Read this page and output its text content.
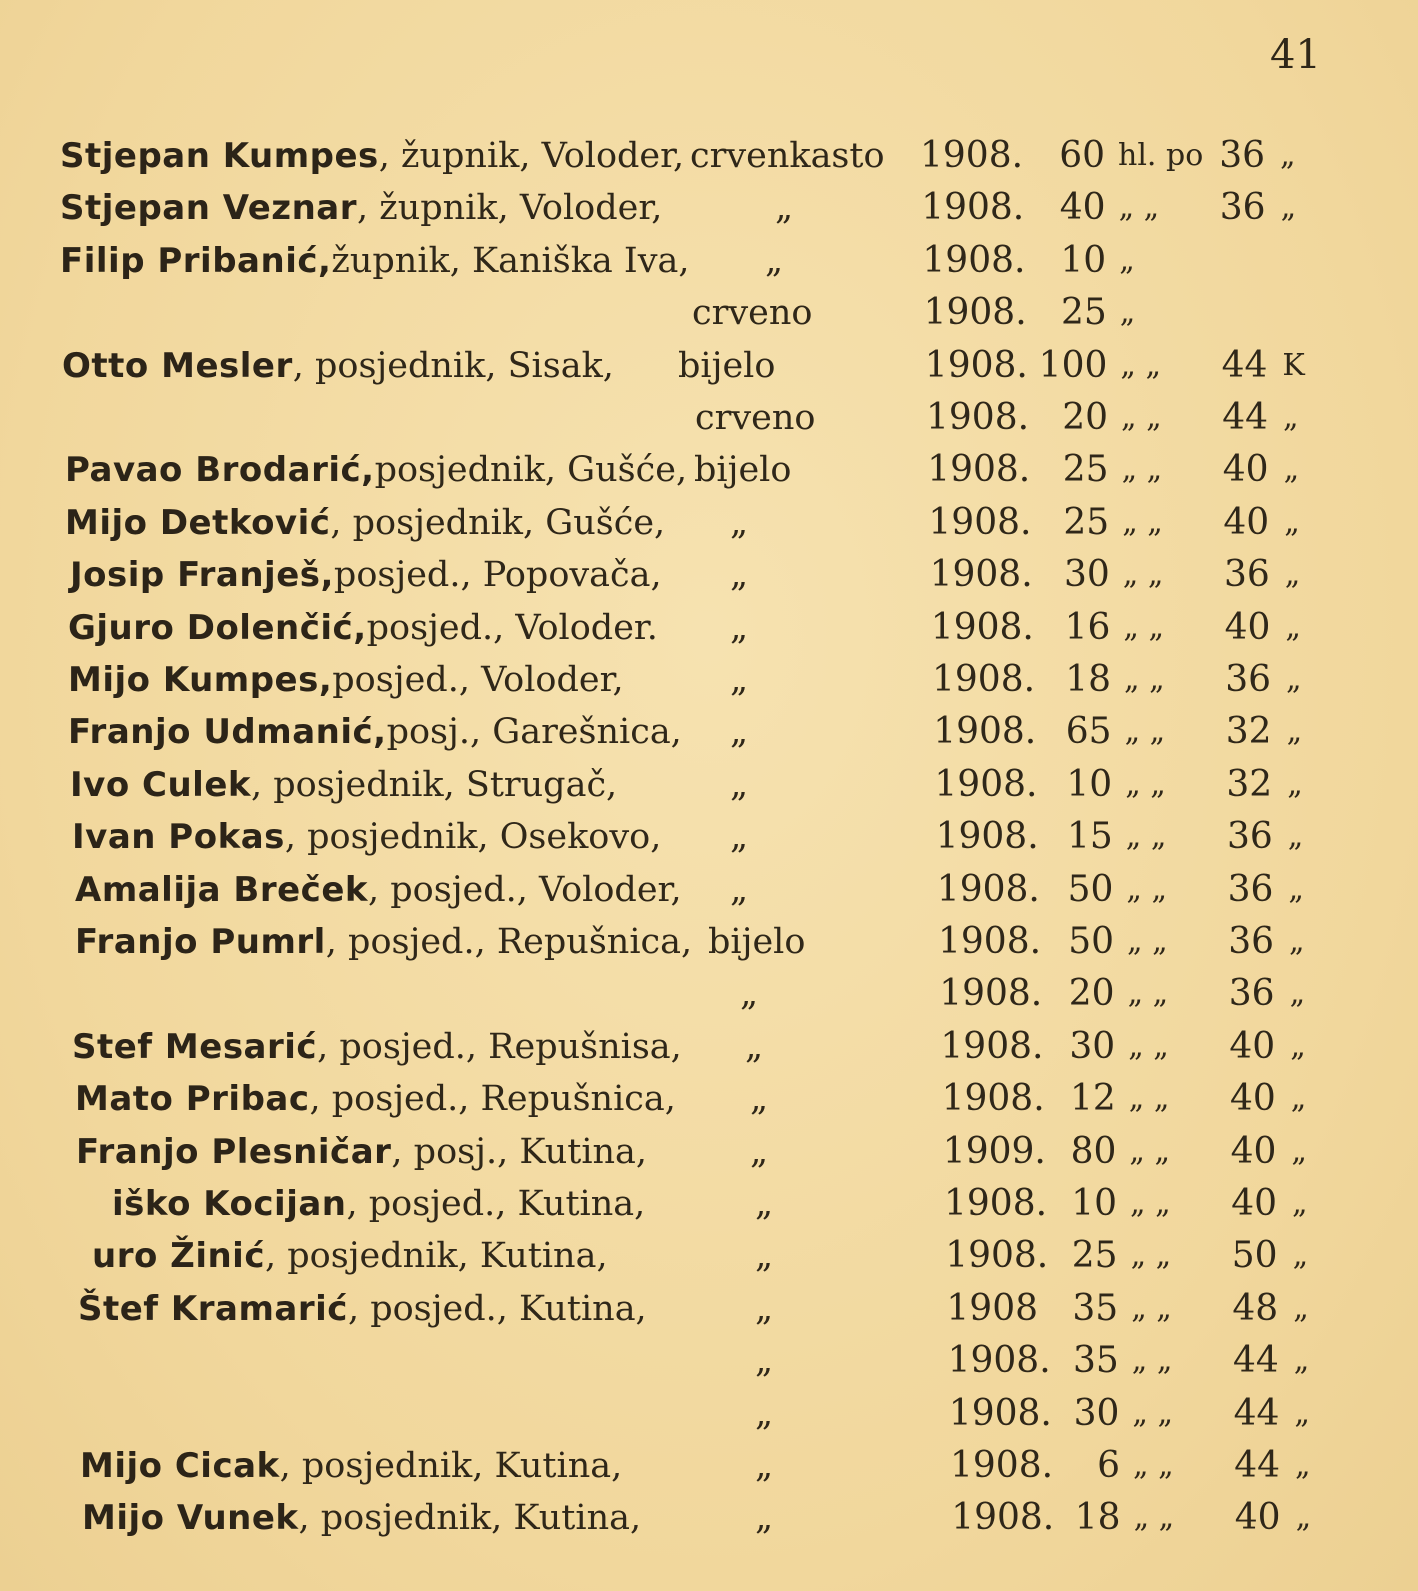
41
Stjepan Kumpes , župnik, Voloder, crvenkasto 1908.	60 hl. po 36 „
Stjepan Veznar , župnik, Voloder,	„	1908. 40 „ „	36 „
Filip Pribanić, župnik, Kaniška Iva, „	1908. 10 „
crveno	1908. 25 „
Otto Mesler , posjednik, Sisak, bijelo	1908. 100 „ „	44 K
crveno	1908. 20 „ „	44 „
Pavao Brodarić, posjednik, Gušće, bijelo	1908. 25 „ „	40 „
Mijo Detković , posjednik, Gušće, „	1908. 25 „ „	40 „
Josip Franješ, posjed., Popovača, „	1908. 30 „ „	36 „
Gjuro Dolenčić, posjed., Voloder. „	1908. 16 „ „	40 „
Mijo Kumpes, posjed., Voloder,	„	1908. 18 „ „	36 „
Franjo Udmanić, posj., Garešnica, „	1908. 65 „ „	32 „
Ivo Culek , posjednik, Strugač,	„	1908. 10 „ „	32 „
Ivan Pokas , posjednik, Osekovo, „	1908. 15 „ „	36 „
Amalija Breček , posjed., Voloder, „	1908. 50 „ „	36 „
Franjo Pumrl , posjed., Repušnica, bijelo	1908. 50 „ „	36 „
„	1908. 20 „ „	36 „
Stef Mesarić , posjed., Repušnisa, „	1908. 30 „ „	40 „
Mato Pribac , posjed., Repušnica, „	1908. 12 „ „	40 „
Franjo Plesničar , posj., Kutina,	„	1909. 80 „ „	40 „
iško Kocijan , posjed., Kutina,	„	1908. 10 „ „	40 „
uro Žinić , posjednik, Kutina,	„	1908. 25 „ „	50 „
Štef Kramarić , posjed., Kutina,	„	1908 35 „ „	48 „
„	1908. 35 „ „	44 „
„	1908. 30 „ „	44 „
Mijo Cicak , posjednik, Kutina,	„	1908.	6 „ „	44 „
Mijo Vunek , posjednik, Kutina,	„	1908. 18 „ „	40 „
